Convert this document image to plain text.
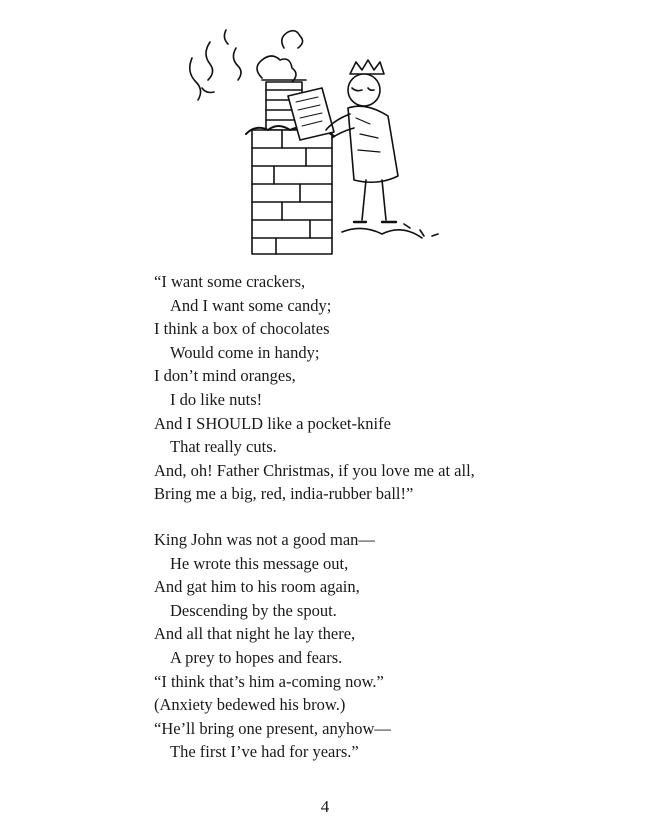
“I want some crackers,
And I want some candy;
I think a box of chocolates
Would come in handy;
I don’t mind oranges,
I do like nuts!
And I SHOULD like a pocket-knife
That really cuts.
And, oh! Father Christmas, if you love me at all,
Bring me a big, red, india-rubber ball!”
King John was not a good man—
He wrote this message out,
And gat him to his room again,
Descending by the spout.
And all that night he lay there,
A prey to hopes and fears.
“I think that’s him a-coming now.”
(Anxiety bedewed his brow.)
“He’ll bring one present, anyhow—
The first I’ve had for years.”
4
